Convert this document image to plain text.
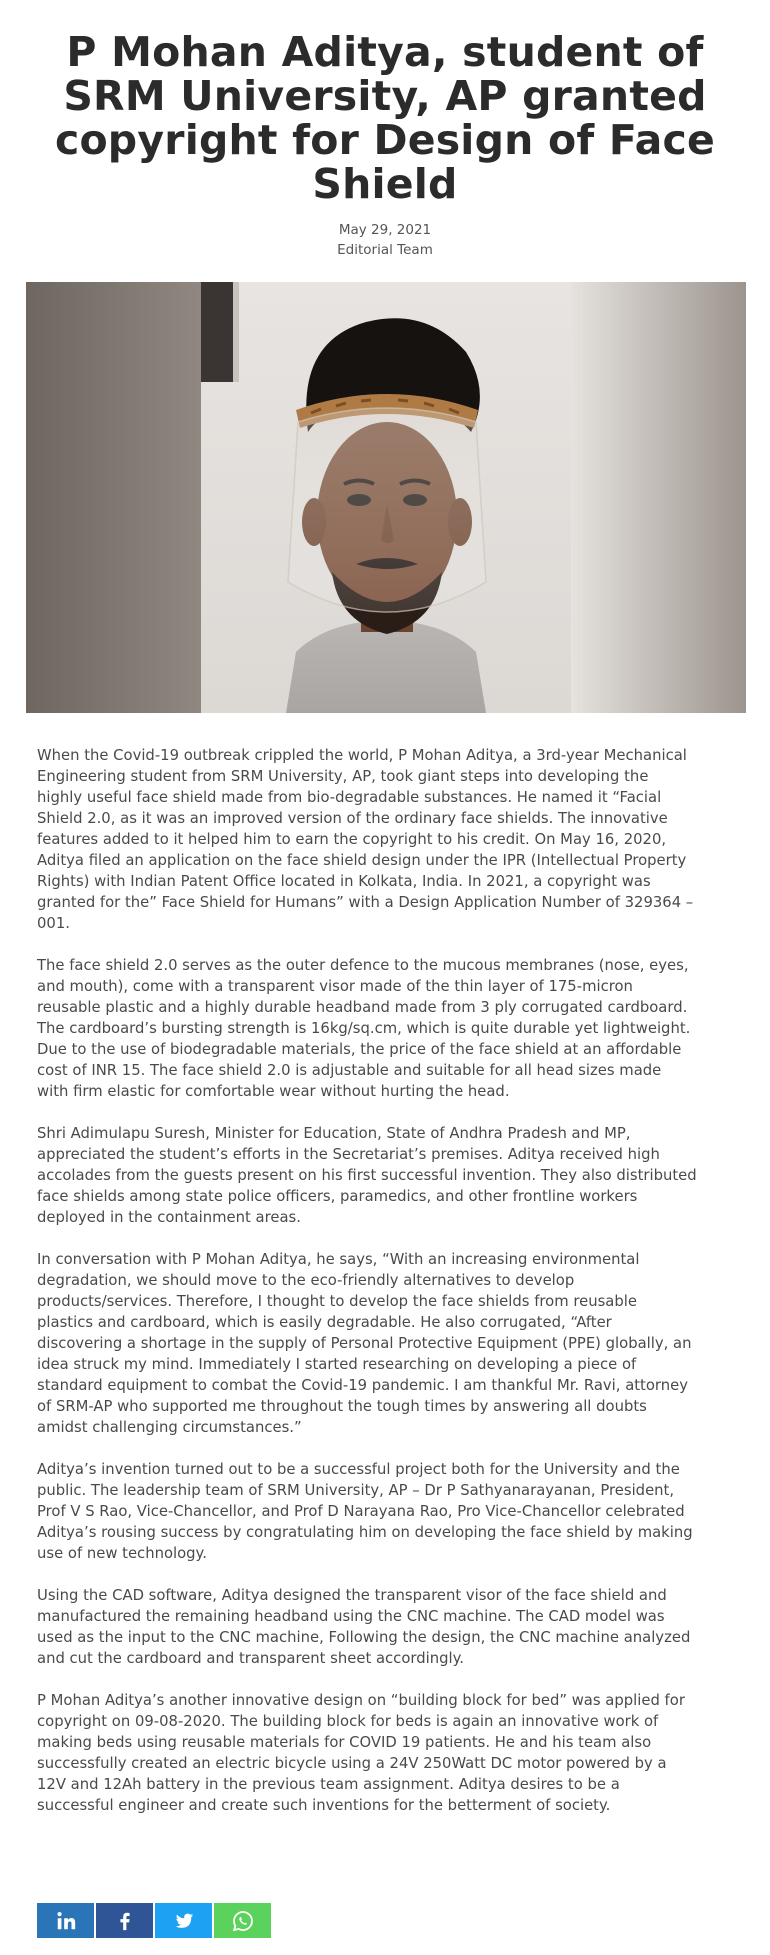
P Mohan Aditya, student of SRM University, AP granted copyright for Design of Face Shield
May 29, 2021
Editorial Team

When the Covid-19 outbreak crippled the world, P Mohan Aditya, a 3rd-year Mechanical Engineering student from SRM University, AP, took giant steps into developing the highly useful face shield made from bio-degradable substances. He named it “Facial Shield 2.0, as it was an improved version of the ordinary face shields. The innovative features added to it helped him to earn the copyright to his credit. On May 16, 2020, Aditya filed an application on the face shield design under the IPR (Intellectual Property Rights) with Indian Patent Office located in Kolkata, India. In 2021, a copyright was granted for the” Face Shield for Humans” with a Design Application Number of 329364 – 001.

The face shield 2.0 serves as the outer defence to the mucous membranes (nose, eyes, and mouth), come with a transparent visor made of the thin layer of 175-micron reusable plastic and a highly durable headband made from 3 ply corrugated cardboard. The cardboard’s bursting strength is 16kg/sq.cm, which is quite durable yet lightweight. Due to the use of biodegradable materials, the price of the face shield at an affordable cost of INR 15. The face shield 2.0 is adjustable and suitable for all head sizes made with firm elastic for comfortable wear without hurting the head.

Shri Adimulapu Suresh, Minister for Education, State of Andhra Pradesh and MP, appreciated the student’s efforts in the Secretariat’s premises. Aditya received high accolades from the guests present on his first successful invention. They also distributed face shields among state police officers, paramedics, and other frontline workers deployed in the containment areas.

In conversation with P Mohan Aditya, he says, “With an increasing environmental degradation, we should move to the eco-friendly alternatives to develop products/services. Therefore, I thought to develop the face shields from reusable plastics and cardboard, which is easily degradable. He also corrugated, “After discovering a shortage in the supply of Personal Protective Equipment (PPE) globally, an idea struck my mind. Immediately I started researching on developing a piece of standard equipment to combat the Covid-19 pandemic. I am thankful Mr. Ravi, attorney of SRM-AP who supported me throughout the tough times by answering all doubts amidst challenging circumstances.”

Aditya’s invention turned out to be a successful project both for the University and the public. The leadership team of SRM University, AP – Dr P Sathyanarayanan, President, Prof V S Rao, Vice-Chancellor, and Prof D Narayana Rao, Pro Vice-Chancellor celebrated Aditya’s rousing success by congratulating him on developing the face shield by making use of new technology.

Using the CAD software, Aditya designed the transparent visor of the face shield and manufactured the remaining headband using the CNC machine. The CAD model was used as the input to the CNC machine, Following the design, the CNC machine analyzed and cut the cardboard and transparent sheet accordingly.

P Mohan Aditya’s another innovative design on “building block for bed” was applied for copyright on 09-08-2020. The building block for beds is again an innovative work of making beds using reusable materials for COVID 19 patients. He and his team also successfully created an electric bicycle using a 24V 250Watt DC motor powered by a 12V and 12Ah battery in the previous team assignment. Aditya desires to be a successful engineer and create such inventions for the betterment of society.
